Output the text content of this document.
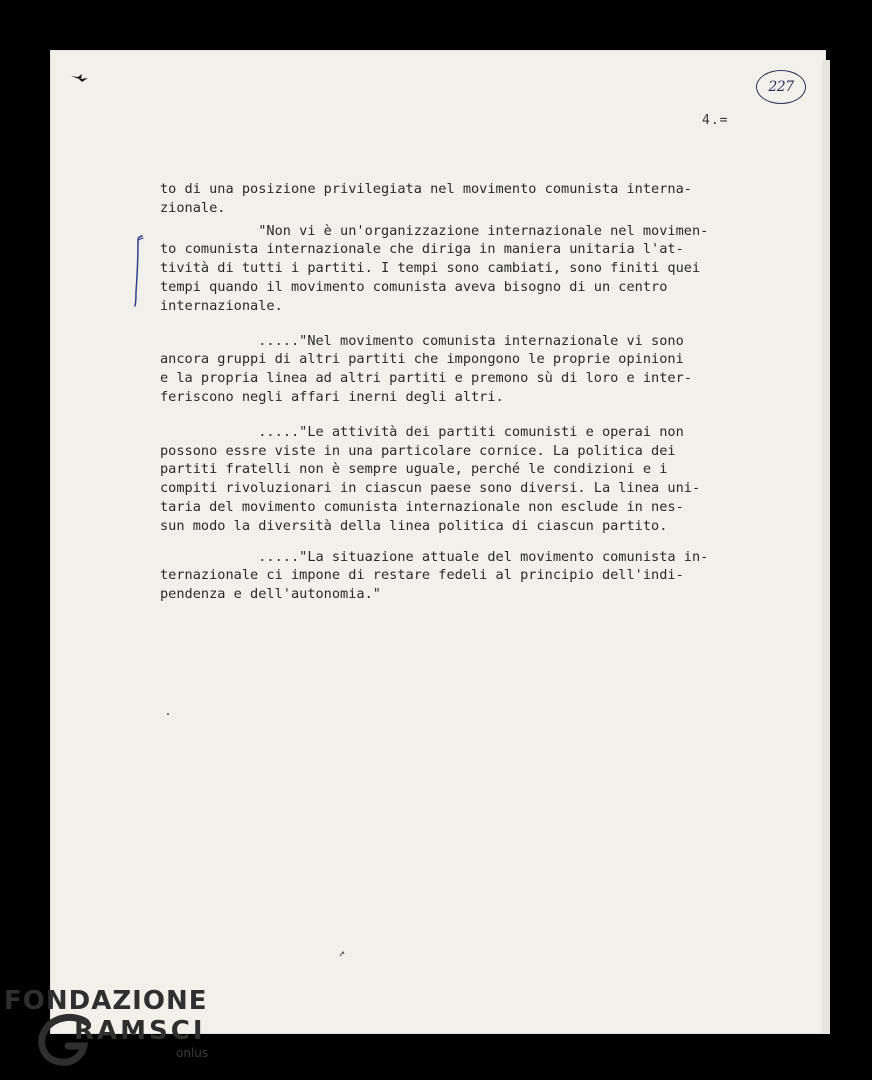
227
4.=
to di una posizione privilegiata nel movimento comunista interna-
zionale.
"Non vi è un'organizzazione internazionale nel movimen-
to comunista internazionale che diriga in maniera unitaria l'at-
tività di tutti i partiti. I tempi sono cambiati, sono finiti quei
tempi quando il movimento comunista aveva bisogno di un centro
internazionale.
....."Nel movimento comunista internazionale vi sono
ancora gruppi di altri partiti che impongono le proprie opinioni
e la propria linea ad altri partiti e premono sù di loro e inter-
feriscono negli affari inerni degli altri.
....."Le attività dei partiti comunisti e operai non
possono essre viste in una particolare cornice. La politica dei
partiti fratelli non è sempre uguale, perché le condizioni e i
compiti rivoluzionari in ciascun paese sono diversi. La linea uni-
taria del movimento comunista internazionale non esclude in nes-
sun modo la diversità della linea politica di ciascun partito.
....."La situazione attuale del movimento comunista in-
ternazionale ci impone di restare fedeli al principio dell'indi-
pendenza e dell'autonomia."
FONDAZIONE
RAMSCI
onlus
